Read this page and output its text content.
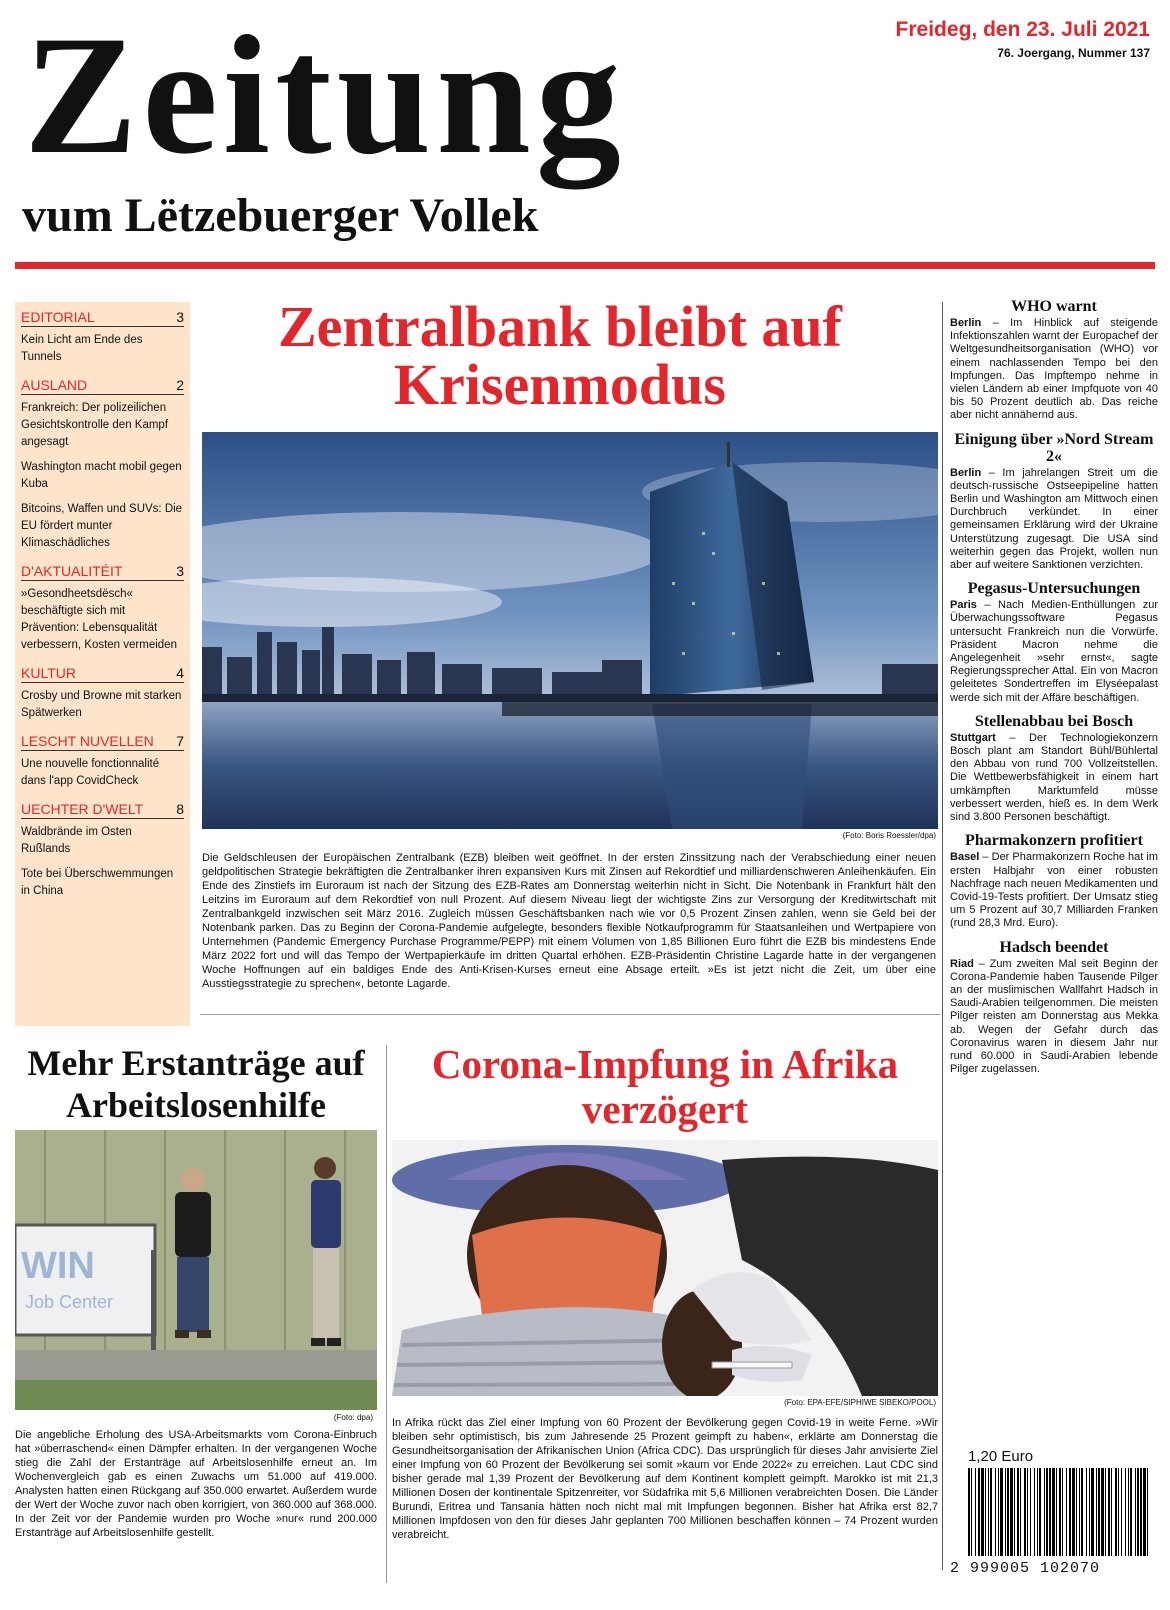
Zeitung
vum Lëtzebuerger Vollek
Freideg, den 23. Juli 2021
76. Joergang, Nummer 137
EDITORIAL	3
Kein Licht am Ende des Tunnels
AUSLAND	2
Frankreich: Der polizeilichen Gesichtskontrolle den Kampf angesagt
Washington macht mobil gegen Kuba
Bitcoins, Waffen und SUVs: Die EU fördert munter Klimaschädliches
D'AKTUALITÉIT	3
»Gesondheetsdësch« beschäftigte sich mit Prävention: Lebensqualität verbessern, Kosten vermeiden
KULTUR	4
Crosby und Browne mit starken Spätwerken
LESCHT NUVELLEN 7
Une nouvelle fonctionnalité dans l'app CovidCheck
UECHTER D'WELT 8
Waldbrände im Osten Rußlands
Tote bei Überschwemmungen in China
Zentralbank bleibt auf Krisenmodus
(Foto: Boris Roessler/dpa)
Die Geldschleusen der Europäischen Zentralbank (EZB) bleiben weit geöffnet. In der ersten Zinssitzung nach der Verabschiedung einer neuen geldpolitischen Strategie bekräftigten die Zentralbanker ihren expansiven Kurs mit Zinsen auf Rekordtief und milliardenschweren Anleihenkäufen. Ein Ende des Zinstiefs im Euroraum ist nach der Sitzung des EZB-Rates am Donnerstag weiterhin nicht in Sicht. Die Notenbank in Frankfurt hält den Leitzins im Euroraum auf dem Rekordtief von null Prozent. Auf diesem Niveau liegt der wichtigste Zins zur Versorgung der Kreditwirtschaft mit Zentralbankgeld inzwischen seit März 2016. Zugleich müssen Geschäftsbanken nach wie vor 0,5 Prozent Zinsen zahlen, wenn sie Geld bei der Notenbank parken. Das zu Beginn der Corona-Pandemie aufgelegte, besonders flexible Notkaufprogramm für Staatsanleihen und Wertpapiere von Unternehmen (Pandemic Emergency Purchase Programme/PEPP) mit einem Volumen von 1,85 Billionen Euro führt die EZB bis mindestens Ende März 2022 fort und will das Tempo der Wertpapierkäufe im dritten Quartal erhöhen. EZB-Präsidentin Christine Lagarde hatte in der vergangenen Woche Hoffnungen auf ein baldiges Ende des Anti-Krisen-Kurses erneut eine Absage erteilt. »Es ist jetzt nicht die Zeit, um über eine Ausstiegsstrategie zu sprechen«, betonte Lagarde.
WHO warnt

Berlin – Im Hinblick auf steigende Infektionszahlen warnt der Europachef der Weltgesundheitsorganisation (WHO) vor einem nachlassenden Tempo bei den Impfungen. Das Impftempo nehme in vielen Ländern ab einer Impfquote von 40 bis 50 Prozent deutlich ab. Das reiche aber nicht annähernd aus.

Einigung über »Nord Stream 2«

Berlin – Im jahrelangen Streit um die deutsch-russische Ostseepipeline hatten Berlin und Washington am Mittwoch einen Durchbruch verkündet. In einer gemeinsamen Erklärung wird der Ukraine Unterstützung zugesagt. Die USA sind weiterhin gegen das Projekt, wollen nun aber auf weitere Sanktionen verzichten.

Pegasus-Untersuchungen

Paris – Nach Medien-Enthüllungen zur Überwachungssoftware Pegasus untersucht Frankreich nun die Vorwürfe. Präsident Macron nehme die Angelegenheit »sehr ernst«, sagte Regierungssprecher Attal. Ein von Macron geleitetes Sondertreffen im Elyséepalast werde sich mit der Affäre beschäftigen.

Stellenabbau bei Bosch

Stuttgart – Der Technologiekonzern Bosch plant am Standort Bühl/Bühlertal den Abbau von rund 700 Vollzeitstellen. Die Wettbewerbsfähigkeit in einem hart umkämpften Marktumfeld müsse verbessert werden, hieß es. In dem Werk sind 3.800 Personen beschäftigt.

Pharmakonzern profitiert

Basel – Der Pharmakonzern Roche hat im ersten Halbjahr von einer robusten Nachfrage nach neuen Medikamenten und Covid-19-Tests profitiert. Der Umsatz stieg um 5 Prozent auf 30,7 Milliarden Franken (rund 28,3 Mrd. Euro).

Hadsch beendet

Riad – Zum zweiten Mal seit Beginn der Corona-Pandemie haben Tausende Pilger an der muslimischen Wallfahrt Hadsch in Saudi-Arabien teilgenommen. Die meisten Pilger reisten am Donnerstag aus Mekka ab. Wegen der Gefahr durch das Coronavirus waren in diesem Jahr nur rund 60.000 in Saudi-Arabien lebende Pilger zugelassen.

Mehr Erstanträge auf Arbeitslosenhilfe
WIN
Job Center
(Foto: dpa)
Die angebliche Erholung des USA-Arbeitsmarkts vom Corona-Einbruch hat »überraschend« einen Dämpfer erhalten. In der vergangenen Woche stieg die Zahl der Erstanträge auf Arbeitslosenhilfe erneut an. Im Wochenvergleich gab es einen Zuwachs um 51.000 auf 419.000. Analysten hatten einen Rückgang auf 350.000 erwartet. Außerdem wurde der Wert der Woche zuvor nach oben korrigiert, von 360.000 auf 368.000. In der Zeit vor der Pandemie wurden pro Woche »nur« rund 200.000 Erstanträge auf Arbeitslosenhilfe gestellt.
Corona-Impfung in Afrika verzögert
(Foto: EPA-EFE/SIPHIWE SIBEKO/POOL)
In Afrika rückt das Ziel einer Impfung von 60 Prozent der Bevölkerung gegen Covid-19 in weite Ferne. »Wir bleiben sehr optimistisch, bis zum Jahresende 25 Prozent geimpft zu haben«, erklärte am Donnerstag die Gesundheitsorganisation der Afrikanischen Union (Africa CDC). Das ursprünglich für dieses Jahr anvisierte Ziel einer Impfung von 60 Prozent der Bevölkerung sei somit »kaum vor Ende 2022« zu erreichen. Laut CDC sind bisher gerade mal 1,39 Prozent der Bevölkerung auf dem Kontinent komplett geimpft. Marokko ist mit 21,3 Millionen Dosen der kontinentale Spitzenreiter, vor Südafrika mit 5,6 Millionen verabreichten Dosen. Die Länder Burundi, Eritrea und Tansania hätten noch nicht mal mit Impfungen begonnen. Bisher hat Afrika erst 82,7 Millionen Impfdosen von den für dieses Jahr geplanten 700 Millionen beschaffen können – 74 Prozent wurden verabreicht.
1,20 Euro
2 999005 102070
